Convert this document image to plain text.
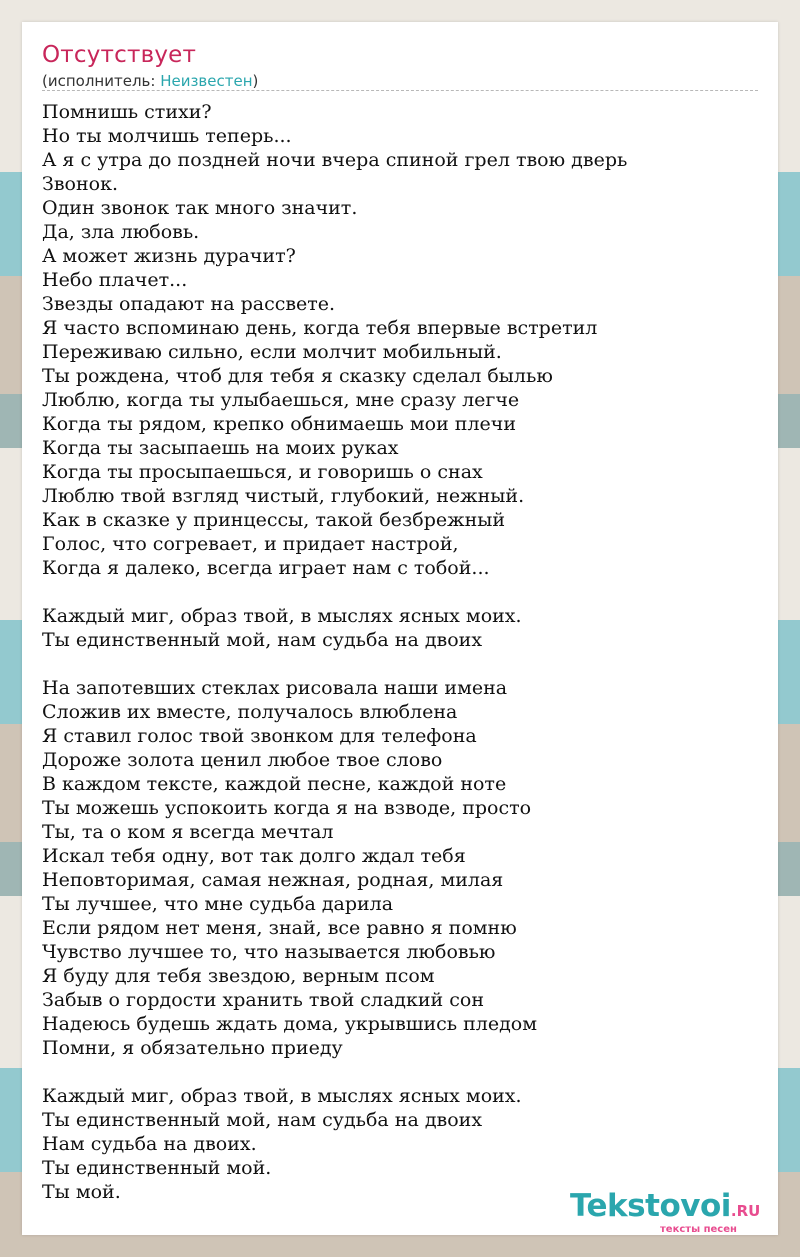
Отсутствует
(исполнитель: Неизвестен)
Помнишь стихи?
Но ты молчишь теперь...
А я с утра до поздней ночи вчера спиной грел твою дверь
Звонок.
Один звонок так много значит.
Да, зла любовь.
А может жизнь дурачит?
Небо плачет...
Звезды опадают на рассвете.
Я часто вспоминаю день, когда тебя впервые встретил
Переживаю сильно, если молчит мобильный.
Ты рождена, чтоб для тебя я сказку сделал былью
Люблю, когда ты улыбаешься, мне сразу легче
Когда ты рядом, крепко обнимаешь мои плечи
Когда ты засыпаешь на моих руках
Когда ты просыпаешься, и говоришь о снах
Люблю твой взгляд чистый, глубокий, нежный.
Как в сказке у принцессы, такой безбрежный
Голос, что согревает, и придает настрой,
Когда я далеко, всегда играет нам с тобой...
Каждый миг, образ твой, в мыслях ясных моих.
Ты единственный мой, нам судьба на двоих
На запотевших стеклах рисовала наши имена
Сложив их вместе, получалось влюблена
Я ставил голос твой звонком для телефона
Дороже золота ценил любое твое слово
В каждом тексте, каждой песне, каждой ноте
Ты можешь успокоить когда я на взводе, просто
Ты, та о ком я всегда мечтал
Искал тебя одну, вот так долго ждал тебя
Неповторимая, самая нежная, родная, милая
Ты лучшее, что мне судьба дарила
Если рядом нет меня, знай, все равно я помню
Чувство лучшее то, что называется любовью
Я буду для тебя звездою, верным псом
Забыв о гордости хранить твой сладкий сон
Надеюсь будешь ждать дома, укрывшись пледом
Помни, я обязательно приеду
Каждый миг, образ твой, в мыслях ясных моих.
Ты единственный мой, нам судьба на двоих
Нам судьба на двоих.
Ты единственный мой.
Ты мой.	Tekstovoi.RU
тексты песен
